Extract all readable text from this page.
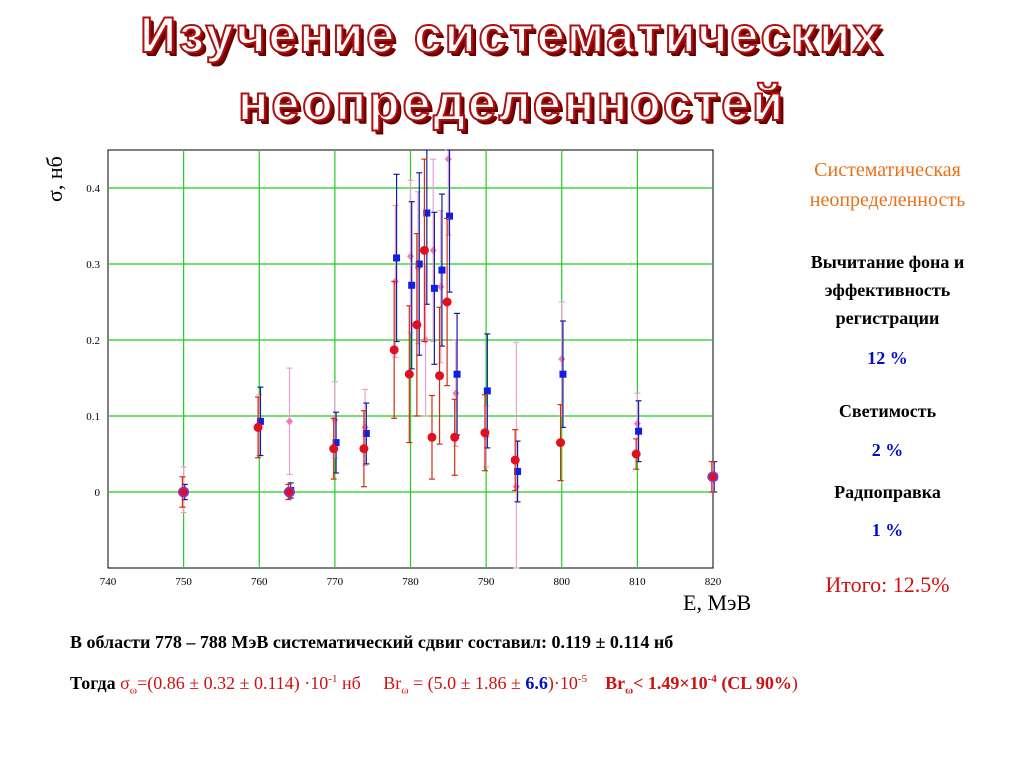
Изучение систематических
неопределенностей
σ, нб
740	750	760	770	780	790	800	810	820
0
0.1
0.2
0.3
0.4
E, МэВ
Систематическая
неопределенность
Вычитание фона и
эффективность
регистрации
12 %
Светимость
2 %
Радпоправка
1 %
Итого: 12.5%
В области 778 – 788 МэВ систематический сдвиг составил: 0.119 ± 0.114 нб
Тогда $\sigma_\omega=(0.86 \pm 0.32 \pm 0.114) \cdot 10^{-1}$ нб $Br_\omega = (5.0 \pm 1.86 \pm 6.6)\cdot 10^{-5}$ $Br_\omega< 1.49\times 10^{-4}$ (CL 90%)
